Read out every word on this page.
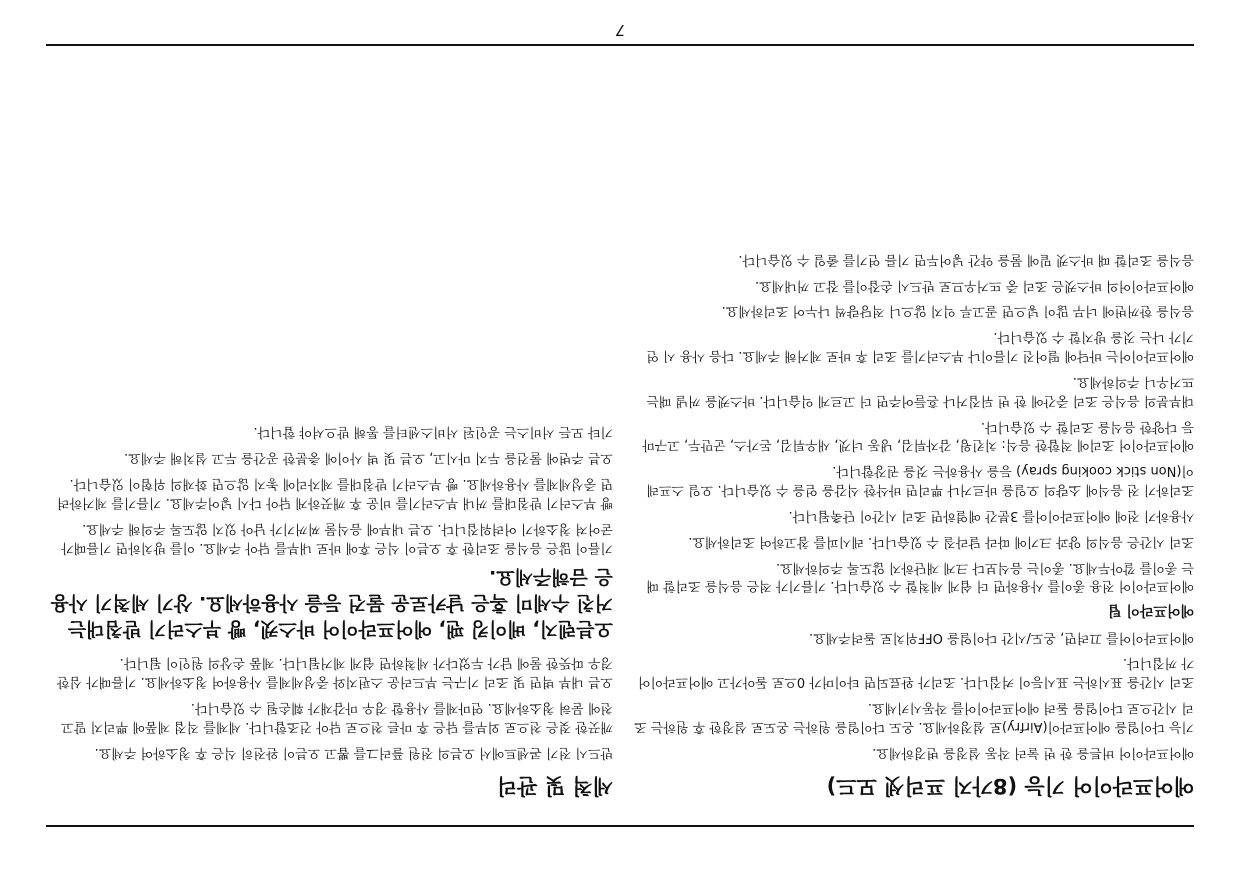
7
에어프라이어 기능 (8가지 프리셋 모드)

에어프라이어 버튼을 한 번 눌러 작동 설정을 변경하세요.

기능 다이얼을 에어프라이(Airfry)로 설정하세요. 온도 다이얼을 원하는 온도로 설정한 후 원하는 조리 시간으로 다이얼을 돌려 에어프라이어를 작동시키세요.

조리 시간을 표시하는 표시등이 켜집니다. 조리가 완료되면 타이머가 0으로 돌아가고 에어프라이어가 꺼집니다.

에어프라이어를 끄려면, 온도/시간 다이얼을 OFF위치로 돌려주세요.

에어프라이 팁

에어프라이어 전용 종이를 사용하면 더 쉽게 세척할 수 있습니다. 기름기가 적은 음식을 조리할 때는 종이를 깔아두세요. 종이는 음식보다 크게 재단하지 않도록 주의하세요.

조리 시간은 음식의 양과 크기에 따라 달라질 수 있습니다. 레시피를 참고하여 조리하세요.

사용하기 전에 에어프라이어를 3분간 예열하면 조리 시간이 단축됩니다.

조리하기 전 음식에 소량의 오일을 바르거나 뿌리면 바삭한 식감을 얻을 수 있습니다. 오일 스프레이(Non stick cooking spray) 등을 사용하는 것을 권장합니다.

에어프라이어 조리에 적합한 음식: 치킨윙, 감자튀김, 냉동 너겟, 새우튀김, 돈가스, 군만두, 고구마 등 다양한 음식을 조리할 수 있습니다.

대부분의 음식은 조리 중간에 한 번 뒤집거나 흔들어주면 더 고르게 익습니다. 바스켓을 꺼낼 때는 뜨거우니 주의하세요.

에어프라이어는 바닥에 떨어진 기름이나 부스러기를 조리 후 바로 제거해 주세요. 다음 사용 시 연기가 나는 것을 방지할 수 있습니다.

음식을 한꺼번에 너무 많이 넣으면 골고루 익지 않으니 적당량씩 나누어 조리하세요.

에어프라이어의 바스켓은 조리 중 뜨거우므로 반드시 손잡이를 잡고 꺼내세요.

음식을 조리할 때 바스켓 밑에 물을 약간 넣어두면 기름 연기를 줄일 수 있습니다.

세척 및 관리

반드시 전기 콘센트에서 오븐의 전원 플러그를 뽑고 오븐이 완전히 식은 후 청소하여 주세요.

깨끗한 젖은 천으로 외부를 닦은 후 마른 천으로 닦아 건조합니다. 세제를 직접 제품에 뿌리지 말고 천에 묻혀 청소하세요. 연마제를 사용할 경우 마감재가 훼손될 수 있습니다.

오븐 내부 벽면 및 조리 기구는 부드러운 스펀지와 중성세제를 사용하여 청소하세요. 기름때가 심한 경우 따뜻한 물에 담가 두었다가 세척하면 쉽게 제거됩니다. 제품 손상의 원인이 됩니다.

오븐렌지, 베이킹 팬, 에어프라이어 바스켓, 빵 부스러기 받침대는 거친 수세미 혹은 날카로운 물건 등을 사용하세요. 상기 세척기 사용은 금해주세요.

기름이 많은 음식을 조리한 후 오븐이 식은 후에 바로 내부를 닦아 주세요. 이를 방치하면 기름때가 굳어져 청소하기 어려워집니다. 오븐 내부에 음식물 찌꺼기가 남아 있지 않도록 주의해 주세요.

빵 부스러기 받침대를 꺼내 부스러기를 비운 후 깨끗하게 닦아 다시 넣어주세요. 기름기를 제거하려면 중성세제를 사용하세요. 빵 부스러기 받침대를 제자리에 놓지 않으면 화재의 위험이 있습니다.

오븐 주변에 물건을 두지 마시고, 오븐 및 벽 사이에 충분한 공간을 두고 설치해 주세요.

기타 모든 서비스는 공인된 서비스센터를 통해 받으셔야 합니다.
